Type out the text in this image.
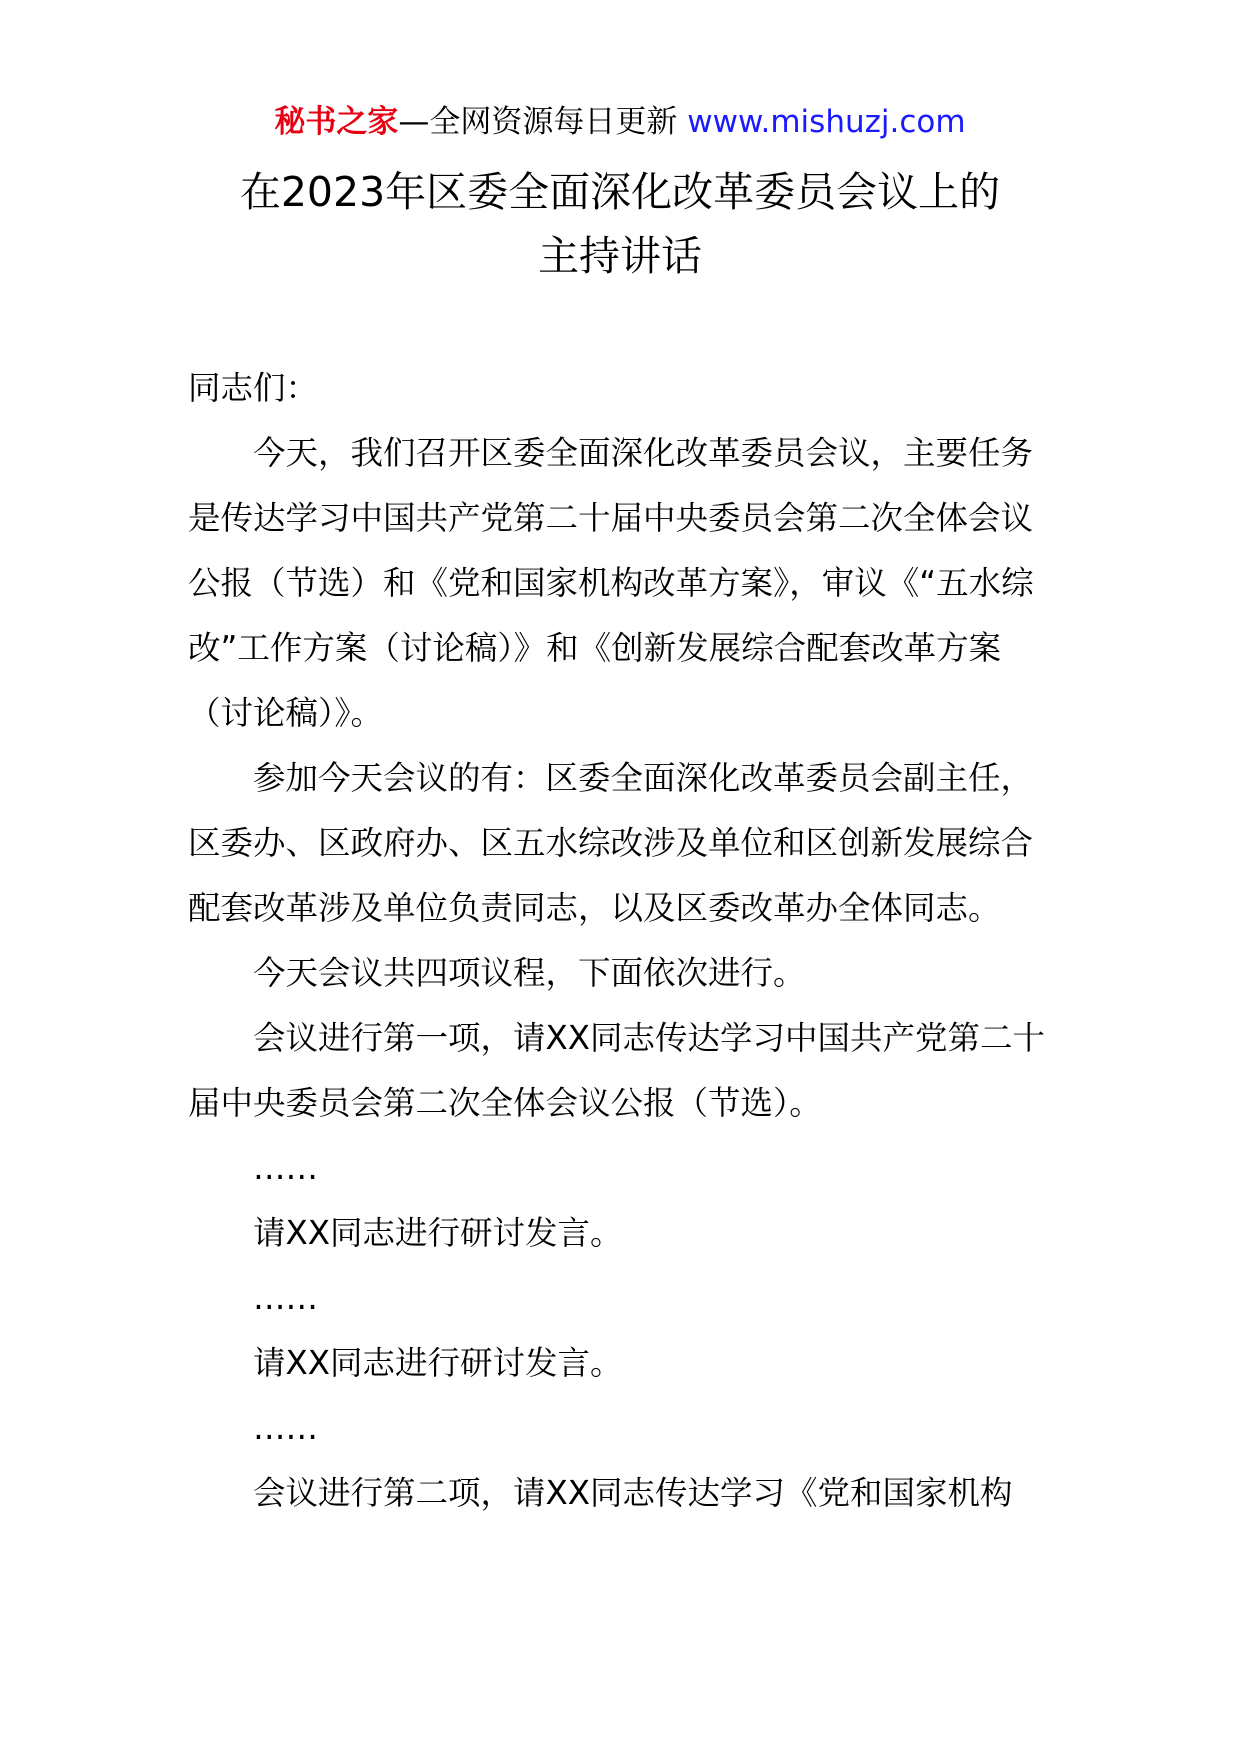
秘书之家—全网资源每日更新 www.mishuzj.com
在2023年区委全面深化改革委员会议上的
主持讲话

同志们：

今天，我们召开区委全面深化改革委员会议，主要任务是传达学习中国共产党第二十届中央委员会第二次全体会议公报（节选）和《党和国家机构改革方案》，审议《“五水综改”工作方案（讨论稿）》和《创新发展综合配套改革方案（讨论稿）》。

参加今天会议的有：区委全面深化改革委员会副主任，区委办、区政府办、区五水综改涉及单位和区创新发展综合配套改革涉及单位负责同志，以及区委改革办全体同志。

今天会议共四项议程，下面依次进行。

会议进行第一项，请XX同志传达学习中国共产党第二十届中央委员会第二次全体会议公报（节选）。

……

请XX同志进行研讨发言。

……

请XX同志进行研讨发言。

……

会议进行第二项，请XX同志传达学习《党和国家机构
